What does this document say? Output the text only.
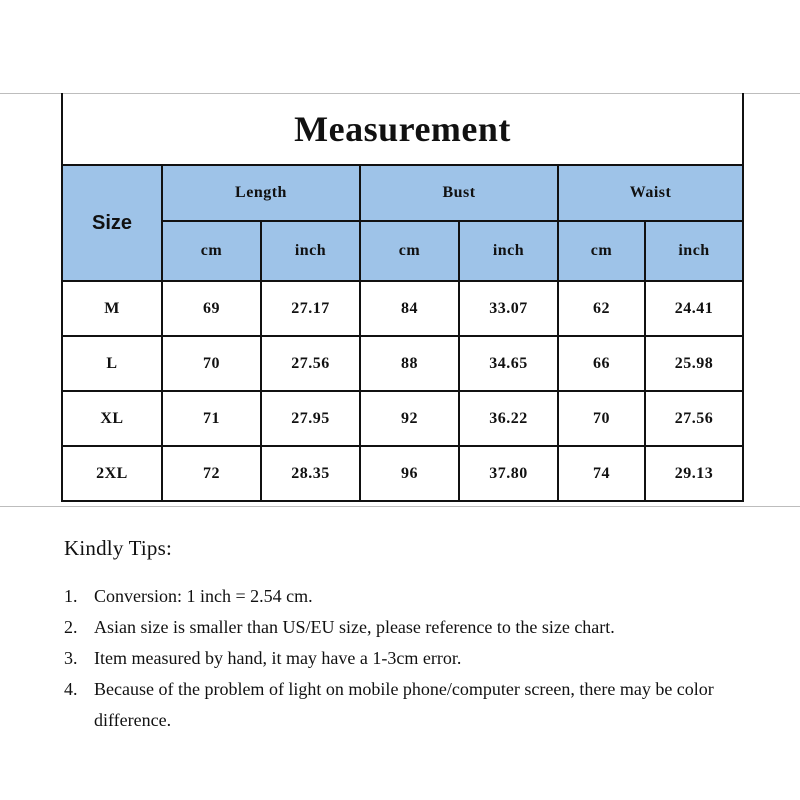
Measurement						
Size	Length		Bust		Waist	
	cm	inch	cm	inch	cm	inch
M	69	27.17	84	33.07	62	24.41
L	70	27.56	88	34.65	66	25.98
XL	71	27.95	92	36.22	70	27.56
2XL	72	28.35	96	37.80	74	29.13
Kindly Tips:
1. Conversion: 1 inch = 2.54 cm.
2. Asian size is smaller than US/EU size, please reference to the size chart.
3. Item measured by hand, it may have a 1-3cm error.
4. Because of the problem of light on mobile phone/computer screen, there may be color difference.
